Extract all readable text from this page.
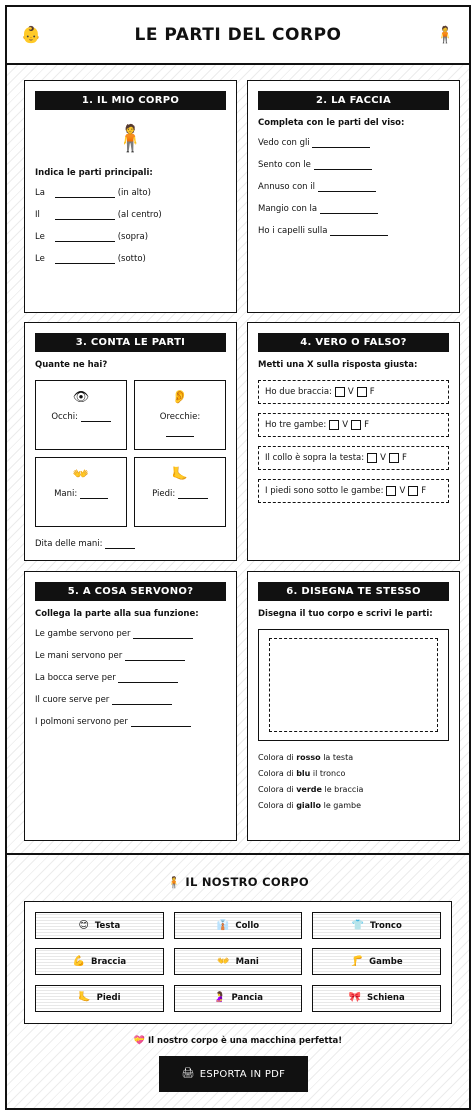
👶	LE PARTI DEL CORPO	🧍
1. IL MIO CORPO
🧍
Indica le parti principali:
La	(in alto)
Il	(al centro)
Le	(sopra)
Le	(sotto)
2. LA FACCIA
Completa con le parti del viso:
Vedo con gli
Sento con le
Annuso con il
Mangio con la
Ho i capelli sulla
3. CONTA LE PARTI
Quante ne hai?
👁
Occhi:
👂
Orecchie:

👐
Mani:
🦶
Piedi:
Dita delle mani:
4. VERO O FALSO?
Metti una X sulla risposta giusta:
Ho due braccia: V F
Ho tre gambe: V F
Il collo è sopra la testa: V F
I piedi sono sotto le gambe: V F
5. A COSA SERVONO?
Collega la parte alla sua funzione:
Le gambe servono per
Le mani servono per
La bocca serve per
Il cuore serve per
I polmoni servono per
6. DISEGNA TE STESSO
Disegna il tuo corpo e scrivi le parti:
Colora di rosso la testa
Colora di blu il tronco
Colora di verde le braccia
Colora di giallo le gambe
🧍 IL NOSTRO CORPO
😊 Testa	👔 Collo	👕 Tronco
💪 Braccia	👐 Mani	🦵 Gambe
🦶 Piedi	🤰 Pancia	🎀 Schiena
💝 Il nostro corpo è una macchina perfetta!
🖨 ESPORTA IN PDF
